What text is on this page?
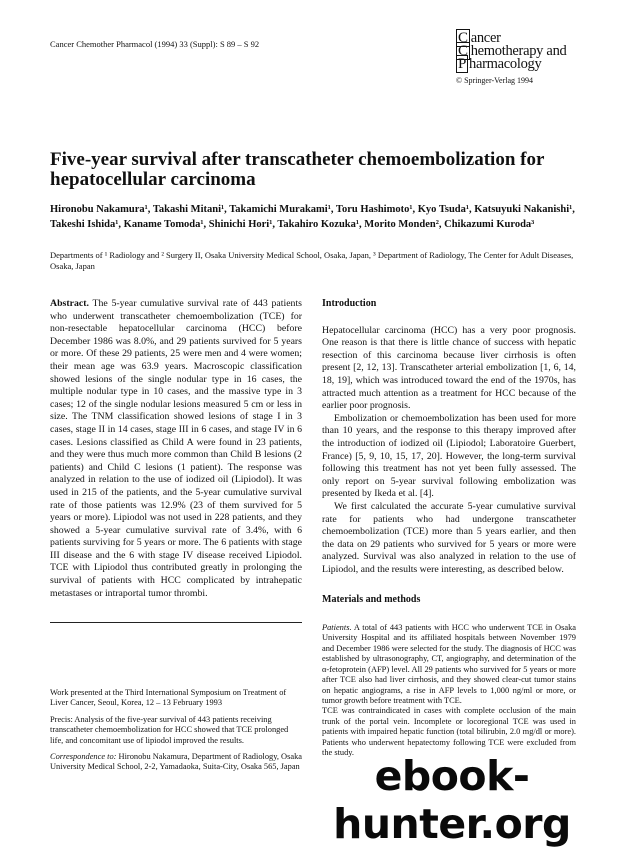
Cancer Chemother Pharmacol (1994) 33 (Suppl): S 89 – S 92	C ancer
C hemotherapy and
P harmacology
© Springer-Verlag 1994
Five-year survival after transcatheter chemoembolization for hepatocellular carcinoma
Hironobu Nakamura¹, Takashi Mitani¹, Takamichi Murakami¹, Toru Hashimoto¹, Kyo Tsuda¹, Katsuyuki Nakanishi¹, Takeshi Ishida¹, Kaname Tomoda¹, Shinichi Hori¹, Takahiro Kozuka¹, Morito Monden², Chikazumi Kuroda³
Departments of ¹ Radiology and ² Surgery II, Osaka University Medical School, Osaka, Japan, ³ Department of Radiology, The Center for Adult Diseases, Osaka, Japan

Abstract. The 5-year cumulative survival rate of 443 patients who underwent transcatheter chemoembolization (TCE) for non-resectable hepatocellular carcinoma (HCC) before December 1986 was 8.0%, and 29 patients survived for 5 years or more. Of these 29 patients, 25 were men and 4 were women; their mean age was 63.9 years. Macroscopic classification showed lesions of the single nodular type in 16 cases, the multiple nodular type in 10 cases, and the massive type in 3 cases; 12 of the single nodular lesions measured 5 cm or less in size. The TNM classification showed lesions of stage I in 3 cases, stage II in 14 cases, stage III in 6 cases, and stage IV in 6 cases. Lesions classified as Child A were found in 23 patients, and they were thus much more common than Child B lesions (2 patients) and Child C lesions (1 patient). The response was analyzed in relation to the use of iodized oil (Lipiodol). It was used in 215 of the patients, and the 5-year cumulative survival rate of those patients was 12.9% (23 of them survived for 5 years or more). Lipiodol was not used in 228 patients, and they showed a 5-year cumulative survival rate of 3.4%, with 6 patients surviving for 5 years or more. The 6 patients with stage III disease and the 6 with stage IV disease received Lipiodol. TCE with Lipiodol thus contributed greatly in prolonging the survival of patients with HCC complicated by intrahepatic metastases or intraportal tumor thrombi.

Work presented at the Third International Symposium on Treatment of Liver Cancer, Seoul, Korea, 12 – 13 February 1993

Precis: Analysis of the five-year survival of 443 patients receiving transcatheter chemoembolization for HCC showed that TCE prolonged life, and concomitant use of lipiodol improved the results.

Correspondence to: Hironobu Nakamura, Department of Radiology, Osaka University Medical School, 2-2, Yamadaoka, Suita-City, Osaka 565, Japan

Introduction

Hepatocellular carcinoma (HCC) has a very poor prognosis. One reason is that there is little chance of success with hepatic resection of this carcinoma because liver cirrhosis is often present [2, 12, 13]. Transcatheter arterial embolization [1, 6, 14, 18, 19], which was introduced toward the end of the 1970s, has attracted much attention as a treatment for HCC because of the earlier poor prognosis.

Embolization or chemoembolization has been used for more than 10 years, and the response to this therapy improved after the introduction of iodized oil (Lipiodol; Laboratoire Guerbert, France) [5, 9, 10, 15, 17, 20]. However, the long-term survival following this treatment has not yet been fully assessed. The only report on 5-year survival following embolization was presented by Ikeda et al. [4].

We first calculated the accurate 5-year cumulative survival rate for patients who had undergone transcatheter chemoembolization (TCE) more than 5 years earlier, and then the data on 29 patients who survived for 5 years or more were analyzed. Survival was also analyzed in relation to the use of Lipiodol, and the results were interesting, as described below.

Materials and methods

Patients. A total of 443 patients with HCC who underwent TCE in Osaka University Hospital and its affiliated hospitals between November 1979 and December 1986 were selected for the study. The diagnosis of HCC was established by ultrasonography, CT, angiography, and determination of the α-fetoprotein (AFP) level. All 29 patients who survived for 5 years or more after TCE also had liver cirrhosis, and they showed clear-cut tumor stains on hepatic angiograms, a rise in AFP levels to 1,000 ng/ml or more, or tumor growth before treatment with TCE.

TCE was contraindicated in cases with complete occlusion of the main trunk of the portal vein. Incomplete or locoregional TCE was used in patients with impaired hepatic function (total bilirubin, 2.0 mg/dl or more). Patients who underwent hepatectomy following TCE were excluded from the study. ebook-hunter.org
